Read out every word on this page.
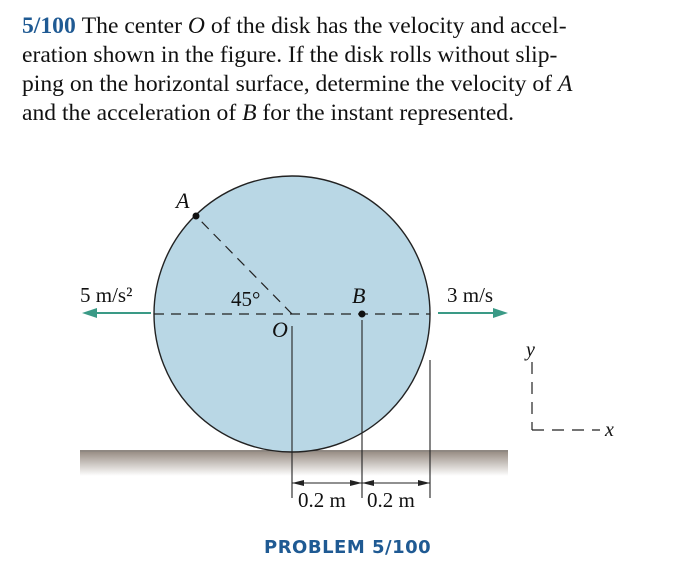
5/100 The center O of the disk has the velocity and accel-
eration shown in the figure. If the disk rolls without slip-
ping on the horizontal surface, determine the velocity of A
and the acceleration of B for the instant represented.

A
B
O
45°
5 m/s²	3 m/s
0.2 m 0.2 m
y
x
PROBLEM 5/100
